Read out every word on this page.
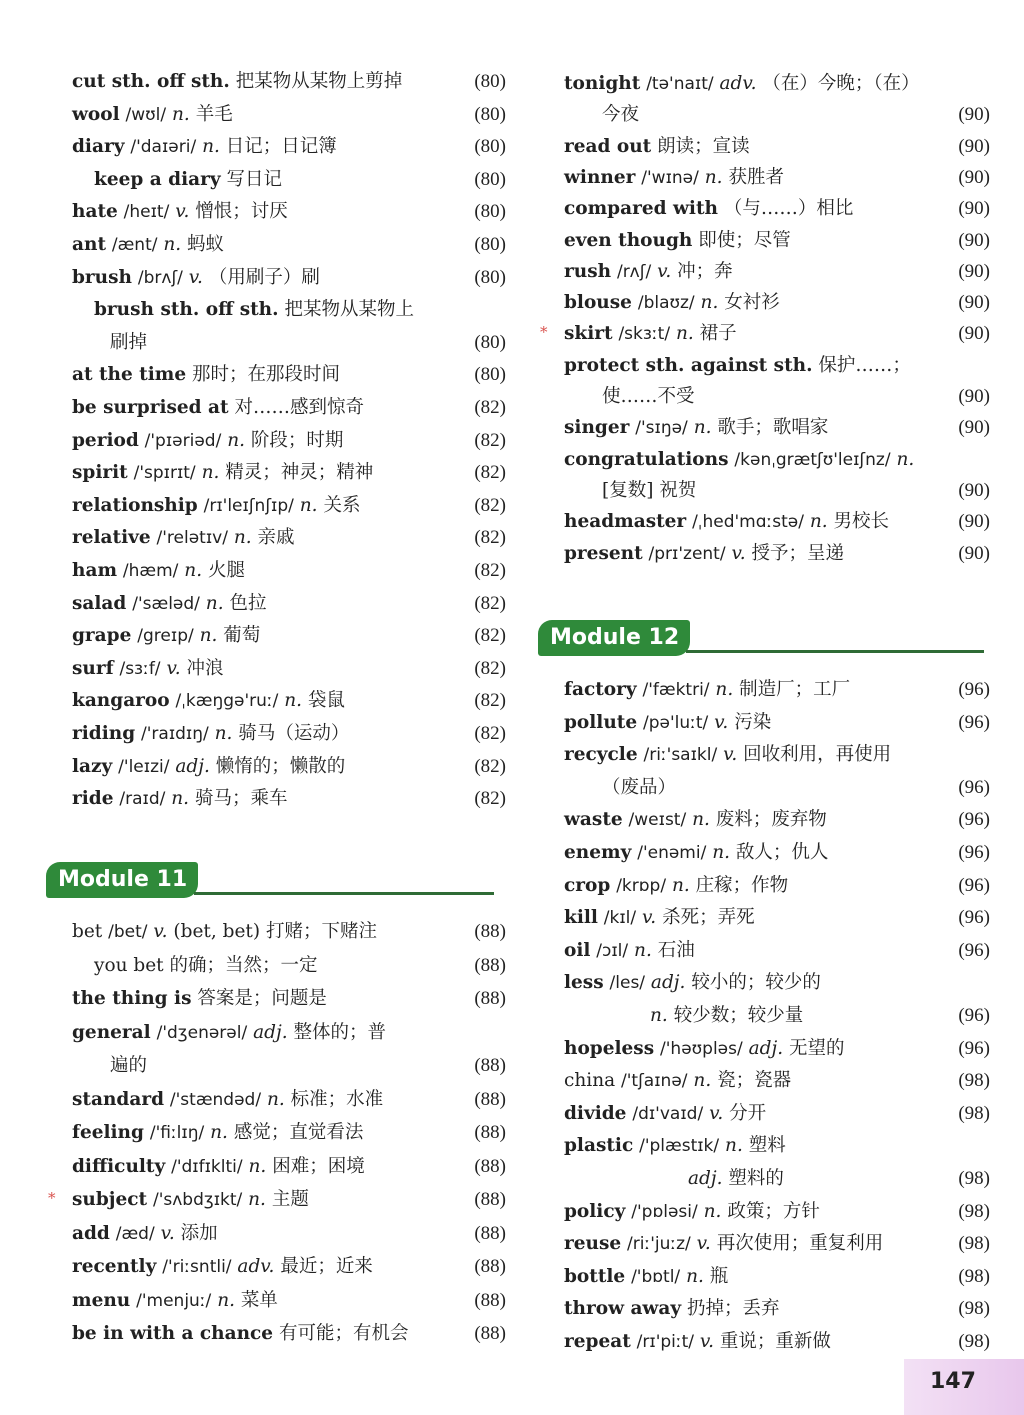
cut sth. off sth. 把某物从某物上剪掉	(80)
wool /wʊl/ n. 羊毛	(80)
diary /'daɪəri/ n. 日记；日记簿	(80)
keep a diary 写日记	(80)
hate /heɪt/ v. 憎恨；讨厌	(80)
ant /ænt/ n. 蚂蚁	(80)
brush /brʌʃ/ v. （用刷子）刷	(80)
brush sth. off sth. 把某物从某物上
刷掉	(80)
at the time 那时；在那段时间	(80)
be surprised at 对……感到惊奇	(82)
period /'pɪəriəd/ n. 阶段；时期	(82)
spirit /'spɪrɪt/ n. 精灵；神灵；精神	(82)
relationship /rɪ'leɪʃnʃɪp/ n. 关系	(82)
relative /'relətɪv/ n. 亲戚	(82)
ham /hæm/ n. 火腿	(82)
salad /'sæləd/ n. 色拉	(82)
grape /greɪp/ n. 葡萄	(82)
surf /sɜːf/ v. 冲浪	(82)
kangaroo /ˌkæŋgə'ruː/ n. 袋鼠	(82)
riding /'raɪdɪŋ/ n. 骑马（运动）	(82)
lazy /'leɪzi/ adj. 懒惰的；懒散的	(82)
ride /raɪd/ n. 骑马；乘车	(82)
Module 11
bet /bet/ v. (bet, bet) 打赌；下赌注	(88)
you bet 的确；当然；一定	(88)
the thing is 答案是；问题是	(88)
general /'dʒenərəl/ adj. 整体的；普
遍的	(88)
standard /'stændəd/ n. 标准；水准	(88)
feeling /'fiːlɪŋ/ n. 感觉；直觉看法	(88)
difficulty /'dɪfɪklti/ n. 困难；困境	(88)
* subject /'sʌbdʒɪkt/ n. 主题	(88)
add /æd/ v. 添加	(88)
recently /'riːsntli/ adv. 最近；近来	(88)
menu /'menjuː/ n. 菜单	(88)
be in with a chance 有可能；有机会	(88)
tonight /tə'naɪt/ adv. （在）今晚；（在）
今夜	(90)
read out 朗读；宣读	(90)
winner /'wɪnə/ n. 获胜者	(90)
compared with （与……）相比	(90)
even though 即使；尽管	(90)
rush /rʌʃ/ v. 冲；奔	(90)
blouse /blaʊz/ n. 女衬衫	(90)
* skirt /skɜːt/ n. 裙子	(90)
protect sth. against sth. 保护……；
使……不受	(90)
singer /'sɪŋə/ n. 歌手；歌唱家	(90)
congratulations /kənˌgrætʃʊ'leɪʃnz/ n.
[复数] 祝贺	(90)
headmaster /ˌhed'mɑːstə/ n. 男校长	(90)
present /prɪ'zent/ v. 授予；呈递	(90)
Module 12
factory /'fæktri/ n. 制造厂；工厂	(96)
pollute /pə'luːt/ v. 污染	(96)
recycle /riː'saɪkl/ v. 回收利用，再使用
（废品）	(96)
waste /weɪst/ n. 废料；废弃物	(96)
enemy /'enəmi/ n. 敌人；仇人	(96)
crop /krɒp/ n. 庄稼；作物	(96)
kill /kɪl/ v. 杀死；弄死	(96)
oil /ɔɪl/ n. 石油	(96)
less /les/ adj. 较小的；较少的
n. 较少数；较少量	(96)
hopeless /'həʊpləs/ adj. 无望的	(96)
china /'tʃaɪnə/ n. 瓷；瓷器	(98)
divide /dɪ'vaɪd/ v. 分开	(98)
plastic /'plæstɪk/ n. 塑料
adj. 塑料的	(98)
policy /'pɒləsi/ n. 政策；方针	(98)
reuse /riː'juːz/ v. 再次使用；重复利用	(98)
bottle /'bɒtl/ n. 瓶	(98)
throw away 扔掉；丢弃	(98)
repeat /rɪ'piːt/ v. 重说；重新做	(98)
147
